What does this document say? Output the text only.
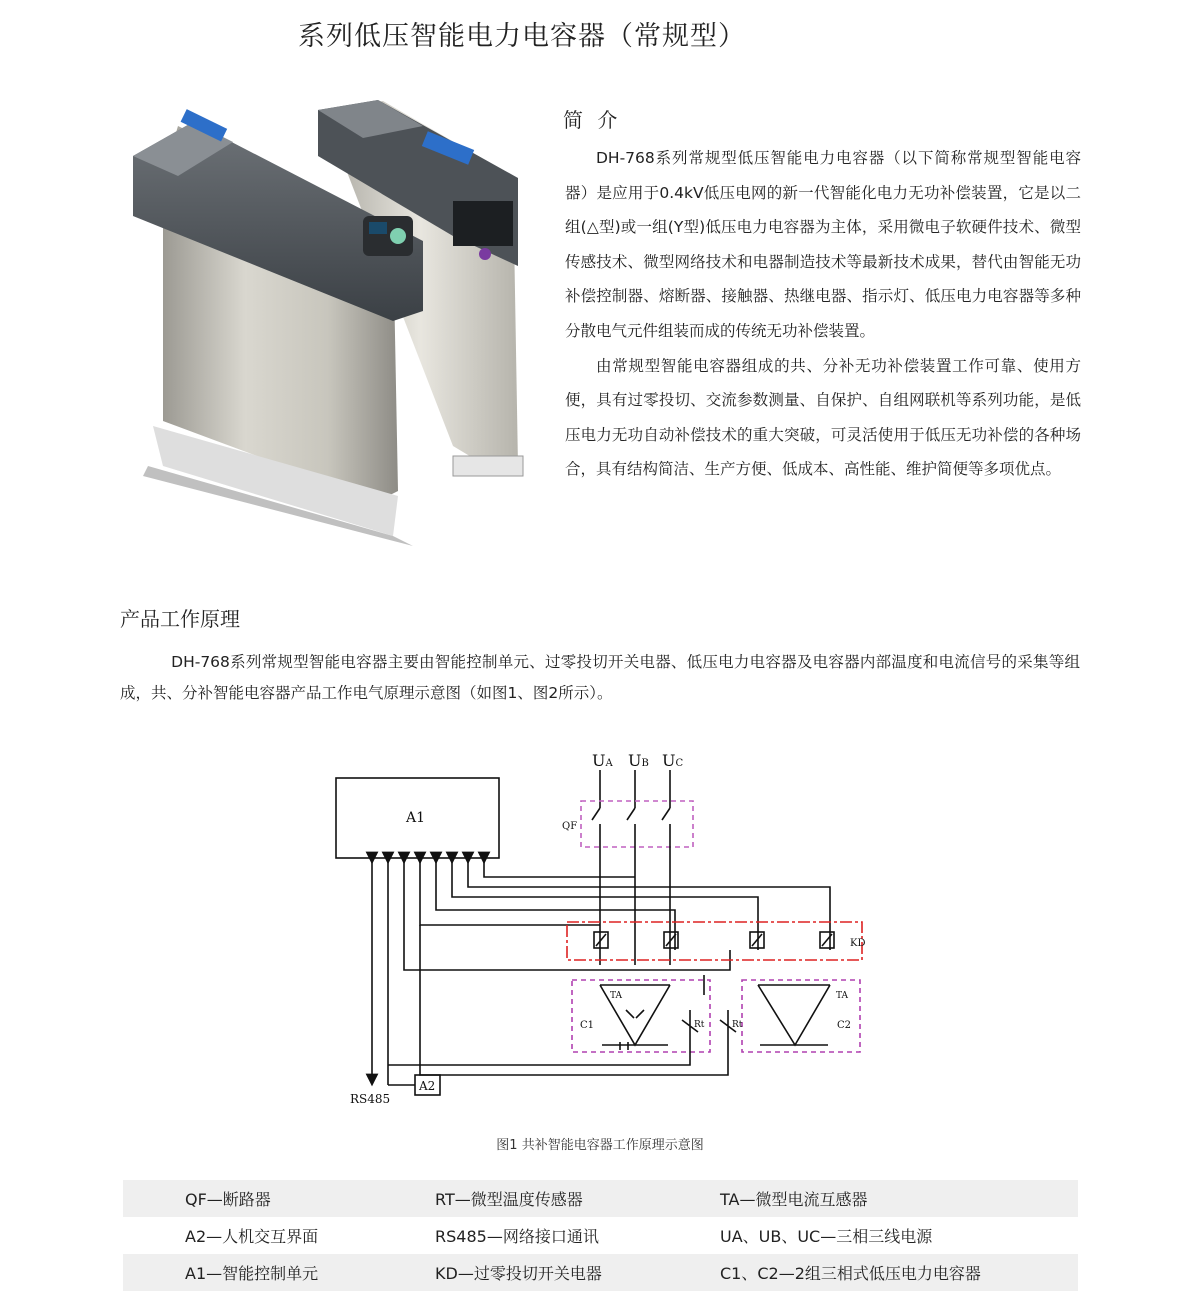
系列低压智能电力电容器（常规型）
简 介

DH-768系列常规型低压智能电力电容器（以下简称常规型智能电容器）是应用于0.4kV低压电网的新一代智能化电力无功补偿装置，它是以二组(△型)或一组(Y型)低压电力电容器为主体，采用微电子软硬件技术、微型传感技术、微型网络技术和电器制造技术等最新技术成果，替代由智能无功补偿控制器、熔断器、接触器、热继电器、指示灯、低压电力电容器等多种分散电气元件组装而成的传统无功补偿装置。

由常规型智能电容器组成的共、分补无功补偿装置工作可靠、使用方便，具有过零投切、交流参数测量、自保护、自组网联机等系列功能，是低压电力无功自动补偿技术的重大突破，可灵活使用于低压无功补偿的各种场合，具有结构简洁、生产方便、低成本、高性能、维护简便等多项优点。

产品工作原理

DH-768系列常规型智能电容器主要由智能控制单元、过零投切开关电器、低压电力电容器及电容器内部温度和电流信号的采集等组成，共、分补智能电容器产品工作电气原理示意图（如图1、图2所示）。

UA UB UC
QF
A1
KD
C1
TA
Rt	C2
TA
Rt
A2
RS485
图1 共补智能电容器工作原理示意图
QF—断路器	RT—微型温度传感器	TA—微型电流互感器
A2—人机交互界面	RS485—网络接口通讯	UA、UB、UC—三相三线电源
A1—智能控制单元	KD—过零投切开关电器	C1、C2—2组三相式低压电力电容器
